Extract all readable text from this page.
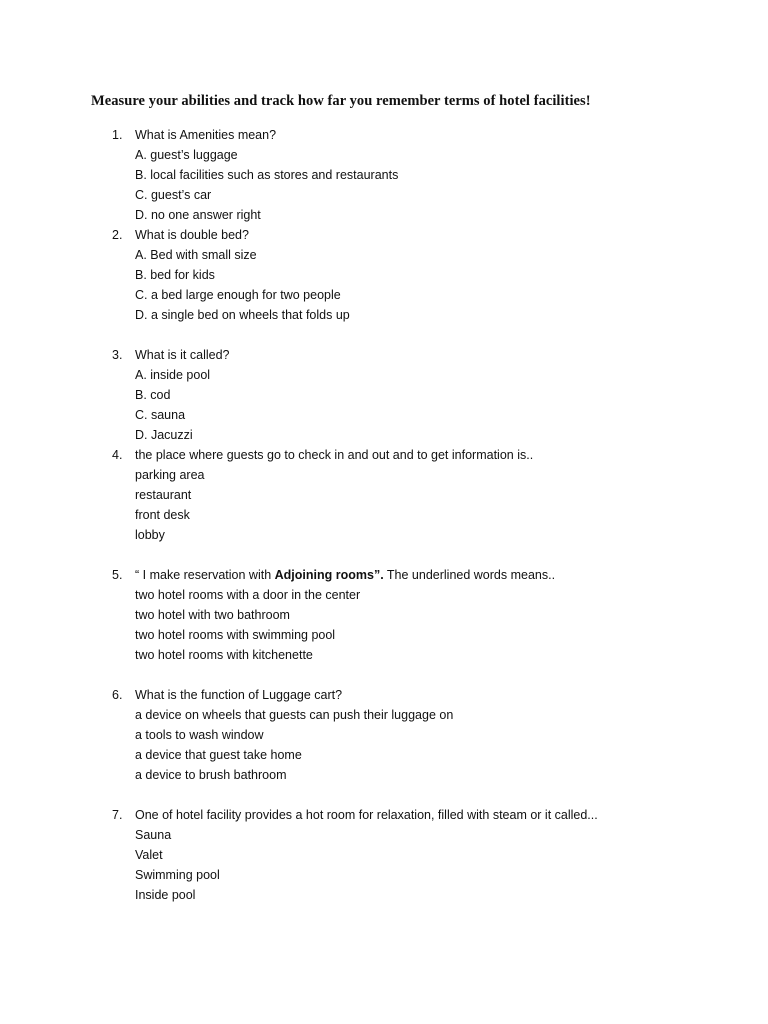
Measure your abilities and track how far you remember terms of hotel facilities!
1. What is Amenities mean?
A. guest’s luggage
B. local facilities such as stores and restaurants
C. guest’s car
D. no one answer right
2. What is double bed?
A. Bed with small size
B. bed for kids
C. a bed large enough for two people
D. a single bed on wheels that folds up
3. What is it called?
A. inside pool
B. cod
C. sauna
D. Jacuzzi
4. the place where guests go to check in and out and to get information is..
parking area
restaurant
front desk
lobby
5. “ I make reservation with Adjoining rooms”. The underlined words means..
two hotel rooms with a door in the center
two hotel with two bathroom
two hotel rooms with swimming pool
two hotel rooms with kitchenette
6. What is the function of Luggage cart?
a device on wheels that guests can push their luggage on
a tools to wash window
a device that guest take home
a device to brush bathroom
7. One of hotel facility provides a hot room for relaxation, filled with steam or it called...
Sauna
Valet
Swimming pool
Inside pool
